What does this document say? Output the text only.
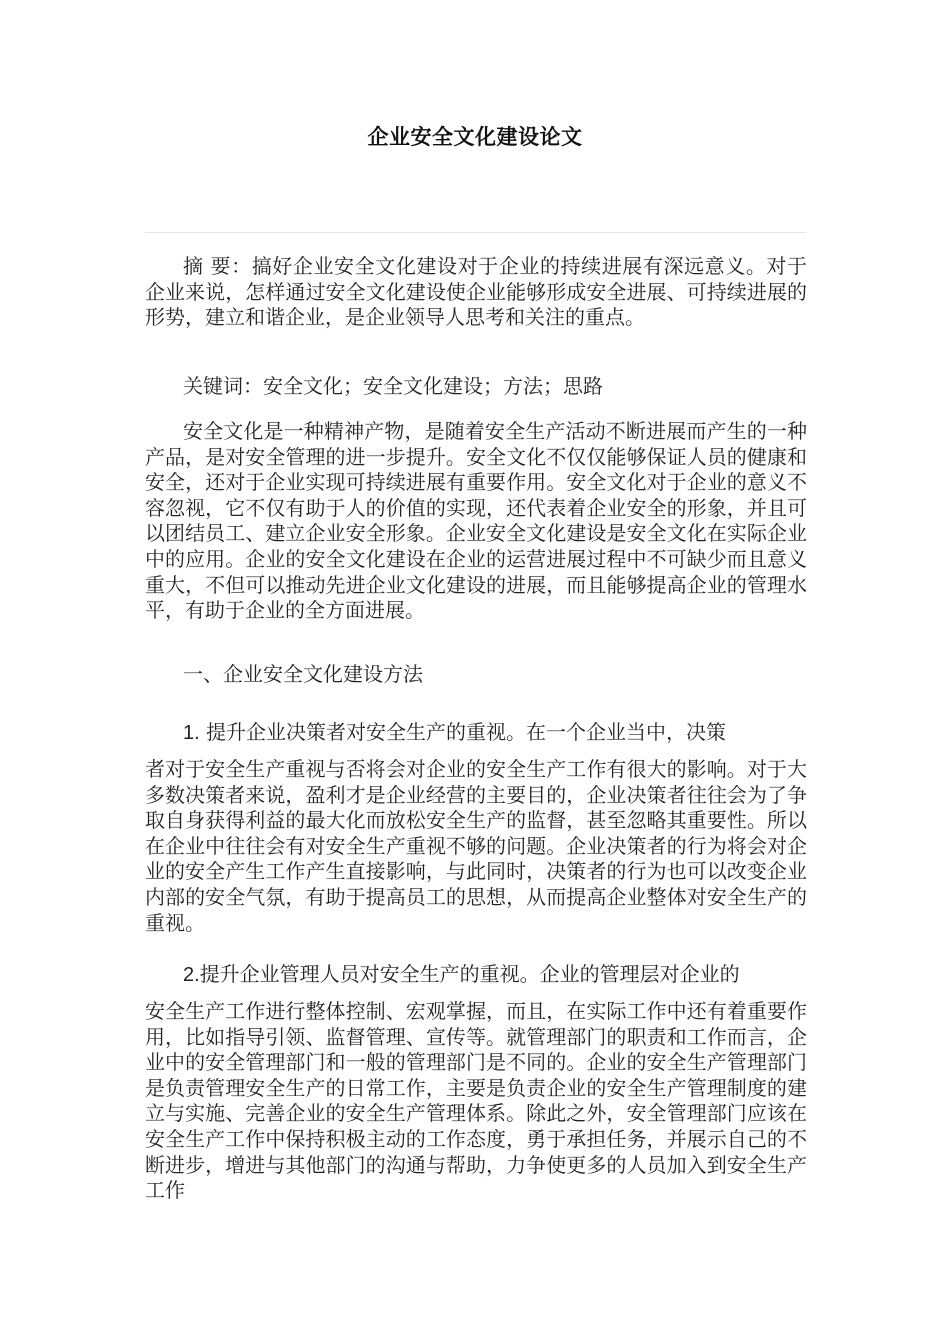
企业安全文化建设论文

摘 要：搞好企业安全文化建设对于企业的持续进展有深远意义。对于企业来说，怎样通过安全文化建设使企业能够形成安全进展、可持续进展的形势，建立和谐企业，是企业领导人思考和关注的重点。

关键词：安全文化；安全文化建设；方法；思路

安全文化是一种精神产物，是随着安全生产活动不断进展而产生的一种产品，是对安全管理的进一步提升。安全文化不仅仅能够保证人员的健康和安全，还对于企业实现可持续进展有重要作用。安全文化对于企业的意义不容忽视，它不仅有助于人的价值的实现，还代表着企业安全的形象，并且可以团结员工、建立企业安全形象。企业安全文化建设是安全文化在实际企业中的应用。企业的安全文化建设在企业的运营进展过程中不可缺少而且意义重大，不但可以推动先进企业文化建设的进展，而且能够提高企业的管理水平，有助于企业的全方面进展。

一、企业安全文化建设方法

1. 提升企业决策者对安全生产的重视。在一个企业当中，决策

者对于安全生产重视与否将会对企业的安全生产工作有很大的影响。对于大多数决策者来说，盈利才是企业经营的主要目的，企业决策者往往会为了争取自身获得利益的最大化而放松安全生产的监督，甚至忽略其重要性。所以在企业中往往会有对安全生产重视不够的问题。企业决策者的行为将会对企业的安全产生工作产生直接影响，与此同时，决策者的行为也可以改变企业内部的安全气氛，有助于提高员工的思想，从而提高企业整体对安全生产的重视。

2.提升企业管理人员对安全生产的重视。企业的管理层对企业的

安全生产工作进行整体控制、宏观掌握，而且，在实际工作中还有着重要作用，比如指导引领、监督管理、宣传等。就管理部门的职责和工作而言，企业中的安全管理部门和一般的管理部门是不同的。企业的安全生产管理部门是负责管理安全生产的日常工作，主要是负责企业的安全生产管理制度的建立与实施、完善企业的安全生产管理体系。除此之外，安全管理部门应该在安全生产工作中保持积极主动的工作态度，勇于承担任务，并展示自己的不断进步，增进与其他部门的沟通与帮助，力争使更多的人员加入到安全生产工作
